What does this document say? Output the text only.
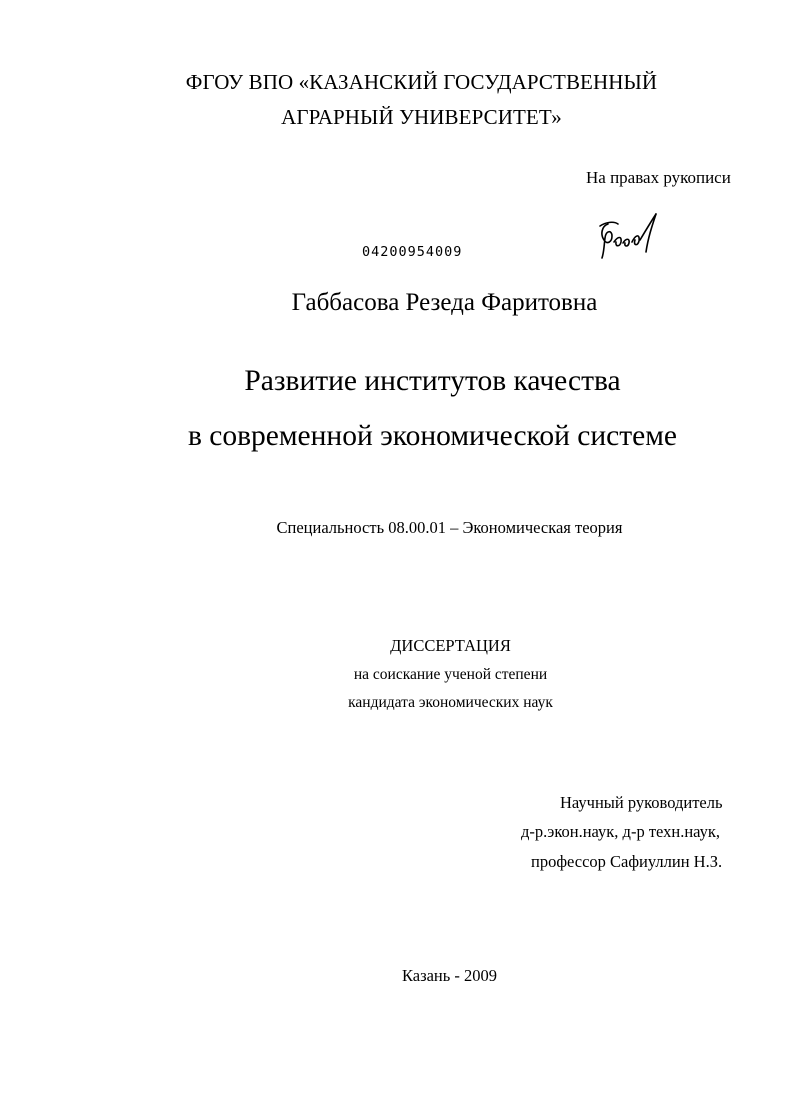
ФГОУ ВПО «КАЗАНСКИЙ ГОСУДАРСТВЕННЫЙ

АГРАРНЫЙ УНИВЕРСИТЕТ»

На правах рукописи

04200954009

Габбасова Резеда Фаритовна

Развитие институтов качества

в современной экономической системе

Специальность 08.00.01 – Экономическая теория

ДИССЕРТАЦИЯ

на соискание ученой степени

кандидата экономических наук

Научный руководитель

д-р.экон.наук, д-р техн.наук,

профессор Сафиуллин Н.З.

Казань - 2009
